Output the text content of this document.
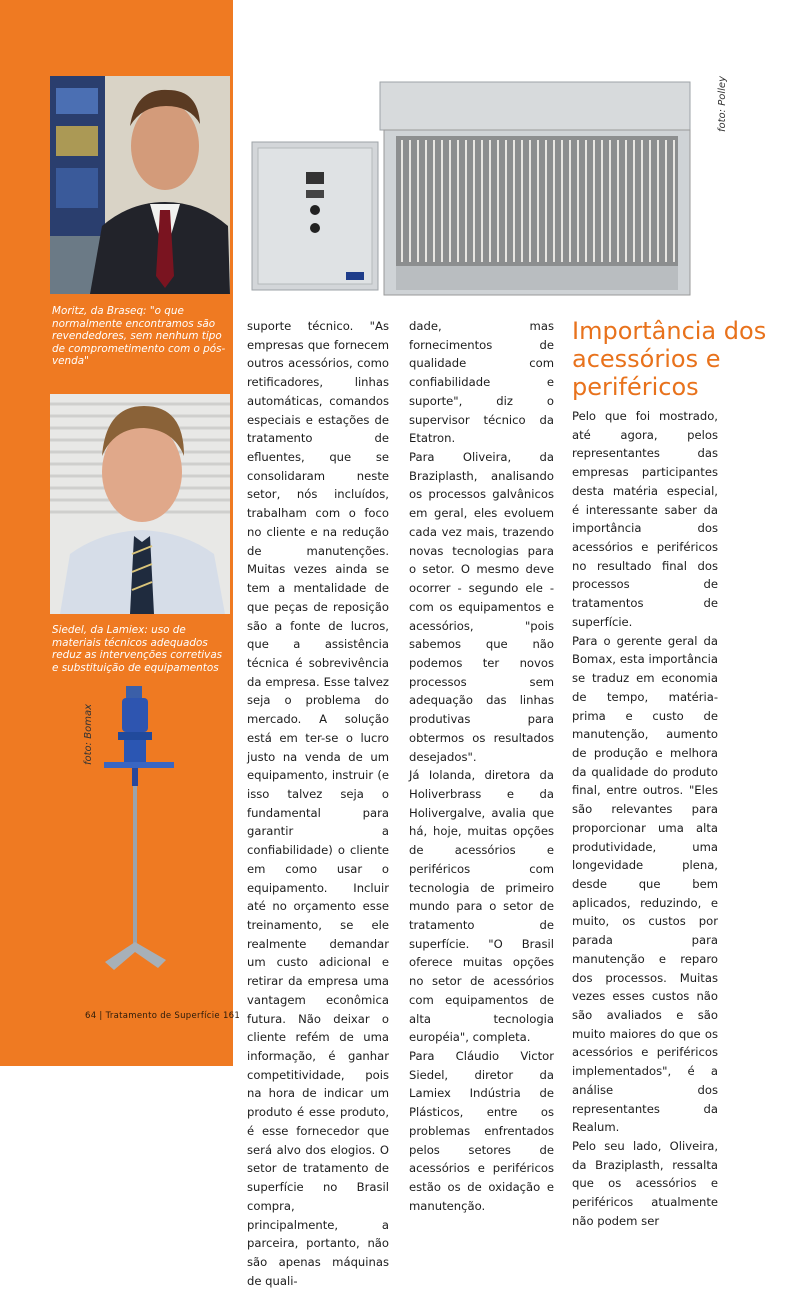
Moritz, da Braseq: "o que normalmente encontramos são revendedores, sem nenhum tipo de comprometimento com o pós-venda"
Siedel, da Lamiex: uso de materiais técnicos adequados reduz as intervenções corretivas e substituição de equipamentos
foto: Bomax
foto: Polley

suporte técnico. "As empresas que fornecem outros acessórios, como retificadores, linhas automáticas, comandos especiais e estações de tratamento de efluentes, que se consolidaram neste setor, nós incluídos, trabalham com o foco no cliente e na redução de manutenções. Muitas vezes ainda se tem a mentalidade de que peças de reposição são a fonte de lucros, que a assistência técnica é sobrevivência da empresa. Esse talvez seja o problema do mercado. A solução está em ter-se o lucro justo na venda de um equipamento, instruir (e isso talvez seja o fundamental para garantir a confiabilidade) o cliente em como usar o equipamento. Incluir até no orçamento esse treinamento, se ele realmente demandar um custo adicional e retirar da empresa uma vantagem econômica futura. Não deixar o cliente refém de uma informação, é ganhar competitividade, pois na hora de indicar um produto é esse produto, é esse fornecedor que será alvo dos elogios. O setor de tratamento de superfície no Brasil compra, principalmente, a parceira, portanto, não são apenas máquinas de quali-

dade, mas fornecimentos de qualidade com confiabilidade e suporte", diz o supervisor técnico da Etatron.

Para Oliveira, da Braziplasth, analisando os processos galvânicos em geral, eles evoluem cada vez mais, trazendo novas tecnologias para o setor. O mesmo deve ocorrer - segundo ele - com os equipamentos e acessórios, "pois sabemos que não podemos ter novos processos sem adequação das linhas produtivas para obtermos os resultados desejados".

Já Iolanda, diretora da Holiverbrass e da Holivergalve, avalia que há, hoje, muitas opções de acessórios e periféricos com tecnologia de primeiro mundo para o setor de tratamento de superfície. "O Brasil oferece muitas opções no setor de acessórios com equipamentos de alta tecnologia européia", completa.

Para Cláudio Victor Siedel, diretor da Lamiex Indústria de Plásticos, entre os problemas enfrentados pelos setores de acessórios e periféricos estão os de oxidação e manutenção.

Importância dos acessórios e periféricos

Pelo que foi mostrado, até agora, pelos representantes das empresas participantes desta matéria especial, é interessante saber da importância dos acessórios e periféricos no resultado final dos processos de tratamentos de superfície.

Para o gerente geral da Bomax, esta importância se traduz em economia de tempo, matéria-prima e custo de manutenção, aumento de produção e melhora da qualidade do produto final, entre outros. "Eles são relevantes para proporcionar uma alta produtividade, uma longevidade plena, desde que bem aplicados, reduzindo, e muito, os custos por parada para manutenção e reparo dos processos. Muitas vezes esses custos não são avaliados e são muito maiores do que os acessórios e periféricos implementados", é a análise dos representantes da Realum.

Pelo seu lado, Oliveira, da Braziplasth, ressalta que os acessórios e periféricos atualmente não podem ser

64 | Tratamento de Superfície 161
